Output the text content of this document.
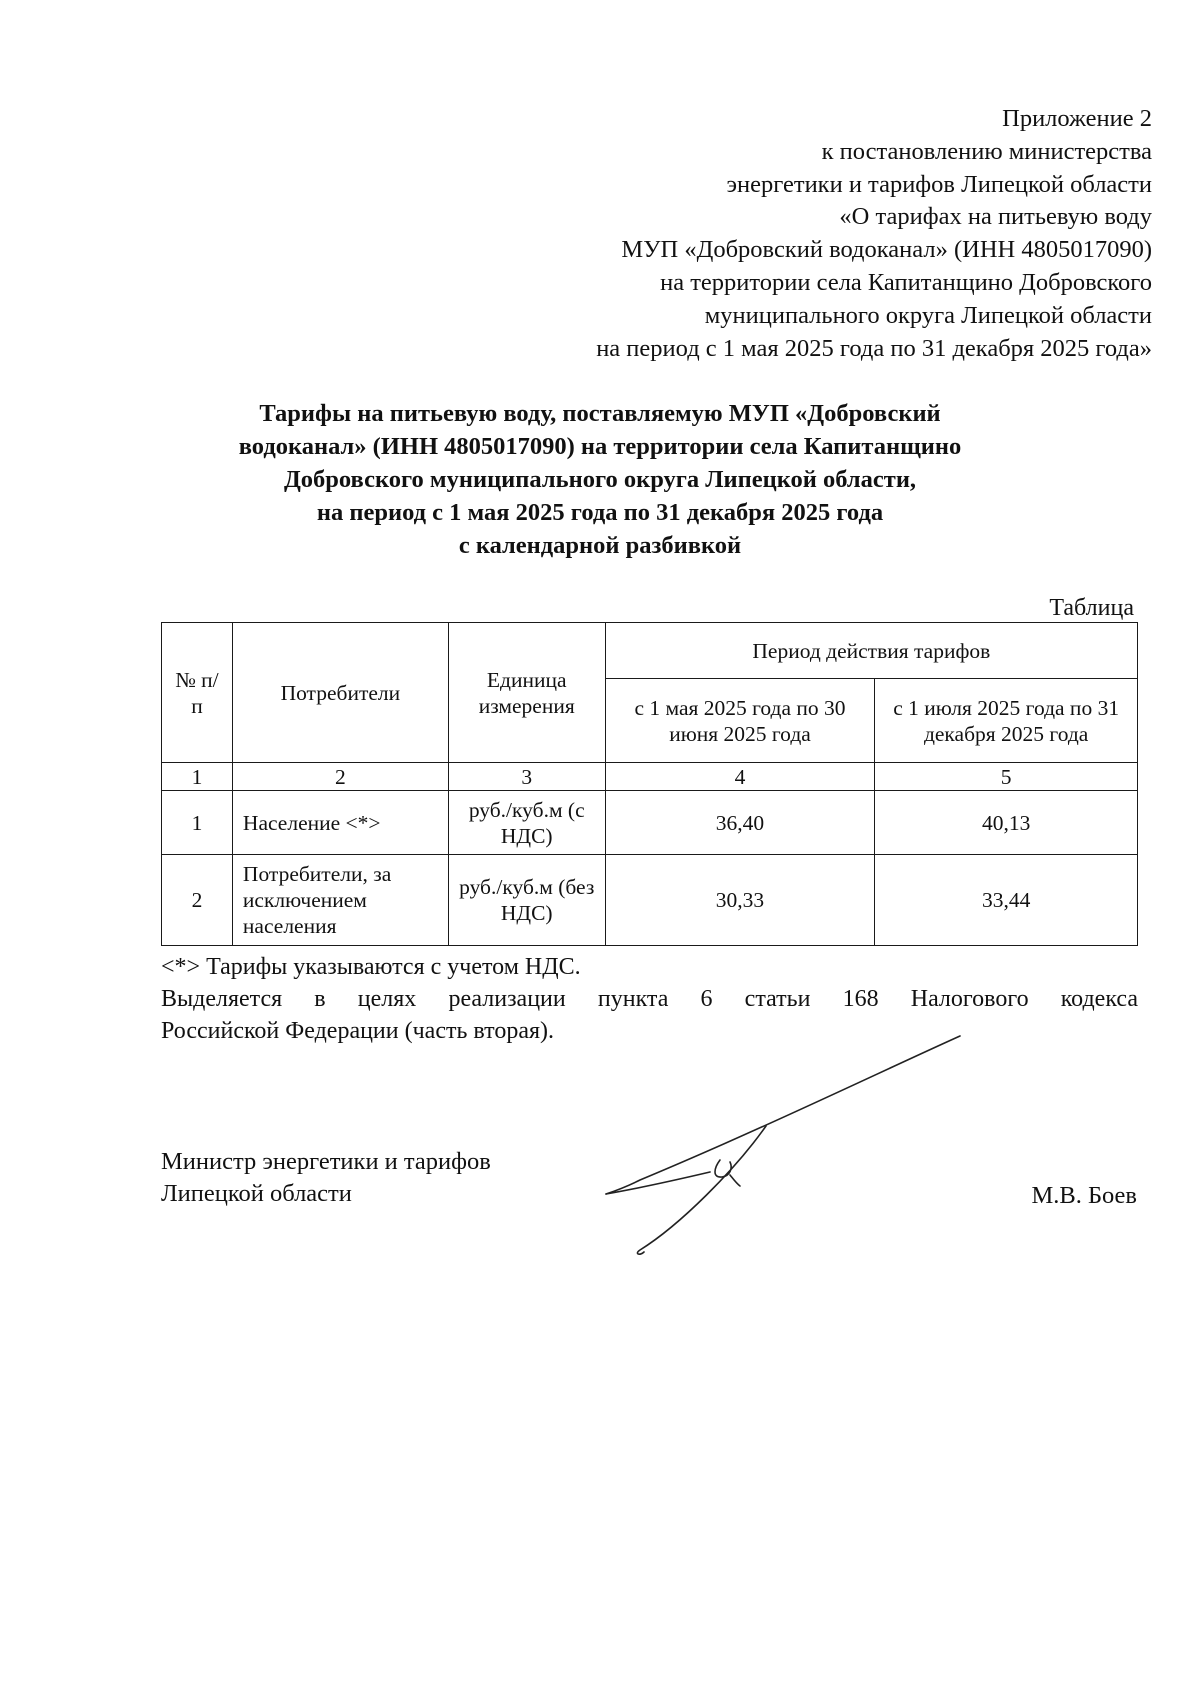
Приложение 2
к постановлению министерства
энергетики и тарифов Липецкой области
«О тарифах на питьевую воду
МУП «Добровский водоканал» (ИНН 4805017090)
на территории села Капитанщино Добровского
муниципального округа Липецкой области
на период с 1 мая 2025 года по 31 декабря 2025 года»
Тарифы на питьевую воду, поставляемую МУП «Добровский
водоканал» (ИНН 4805017090) на территории села Капитанщино
Добровского муниципального округа Липецкой области,
на период с 1 мая 2025 года по 31 декабря 2025 года
с календарной разбивкой
Таблица
№ п/п	Потребители	Единица измерения	Период действия тарифов	
			с 1 мая 2025 года по 30 июня 2025 года	с 1 июля 2025 года по 31 декабря 2025 года
1	2	3	4	5
1	Население <*>	руб./куб.м (с НДС)	36,40	40,13
2	Потребители, за исключением населения	руб./куб.м (без НДС)	30,33	33,44
<*> Тарифы указываются с учетом НДС.
Выделяется в целях реализации пункта 6 статьи 168 Налогового кодекса
Российской Федерации (часть вторая).
Министр энергетики и тарифов
Липецкой области	М.В. Боев
